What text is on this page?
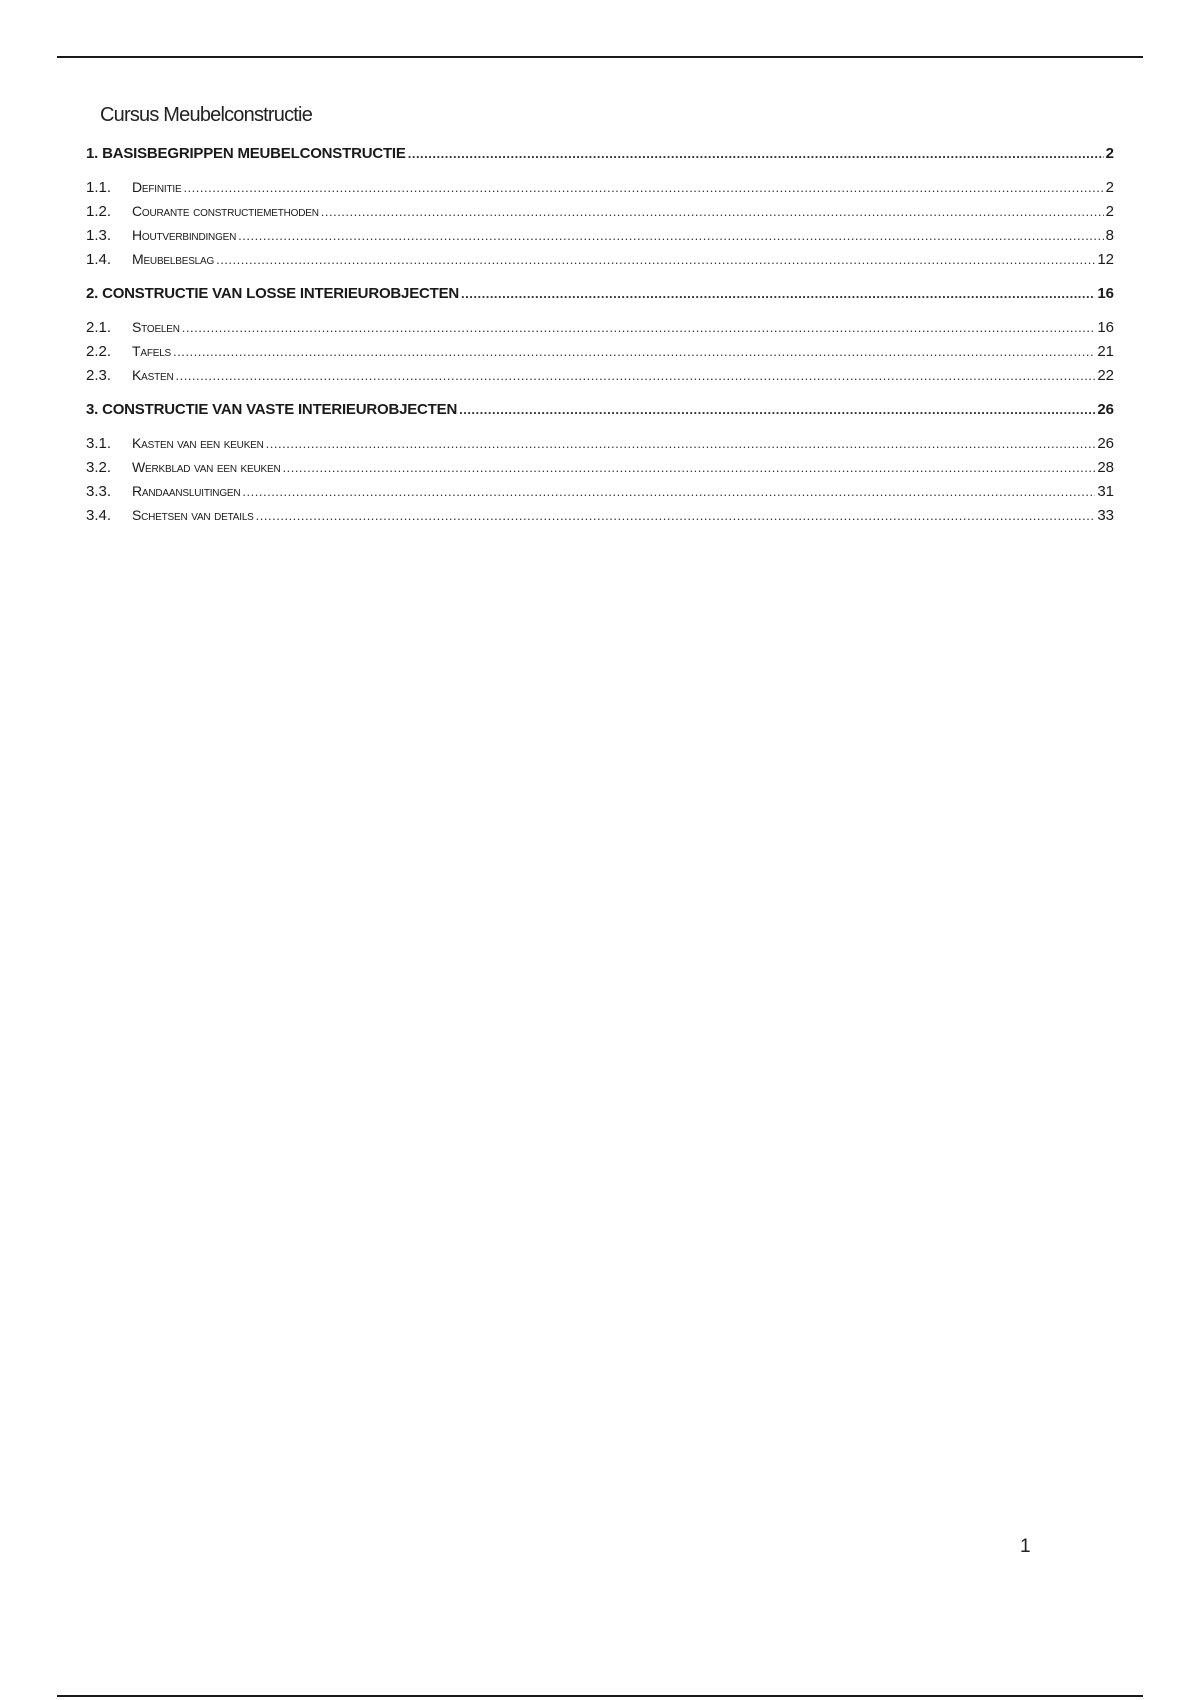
Cursus Meubelconstructie
1. BASISBEGRIPPEN MEUBELCONSTRUCTIE .....	2
1.1.	Definitie .....	2
1.2.	Courante constructiemethoden .....	2
1.3.	Houtverbindingen .....	8
1.4.	Meubelbeslag .....	12
2. CONSTRUCTIE VAN LOSSE INTERIEUROBJECTEN .....	16
2.1.	Stoelen .....	16
2.2.	Tafels .....	21
2.3.	Kasten .....	22
3. CONSTRUCTIE VAN VASTE INTERIEUROBJECTEN .....	26
3.1.	Kasten van een keuken .....	26
3.2.	Werkblad van een keuken .....	28
3.3.	Randaansluitingen .....	31
3.4.	Schetsen van details .....	33
1
